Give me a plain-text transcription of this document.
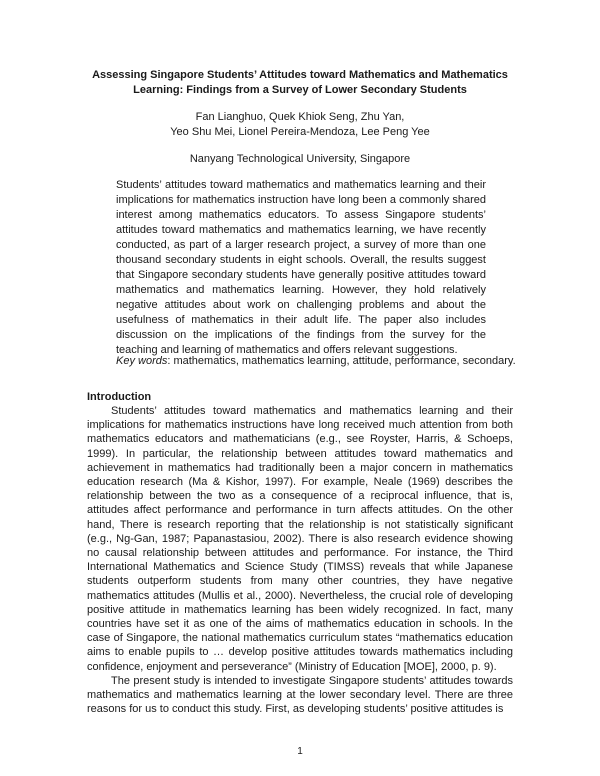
Assessing Singapore Students’ Attitudes toward Mathematics and Mathematics
Learning: Findings from a Survey of Lower Secondary Students
Fan Lianghuo, Quek Khiok Seng, Zhu Yan,
Yeo Shu Mei, Lionel Pereira-Mendoza, Lee Peng Yee
Nanyang Technological University, Singapore
Students’ attitudes toward mathematics and mathematics learning and their implications for mathematics instruction have long been a commonly shared interest among mathematics educators. To assess Singapore students’ attitudes toward mathematics and mathematics learning, we have recently conducted, as part of a larger research project, a survey of more than one thousand secondary students in eight schools. Overall, the results suggest that Singapore secondary students have generally positive attitudes toward mathematics and mathematics learning. However, they hold relatively negative attitudes about work on challenging problems and about the usefulness of mathematics in their adult life. The paper also includes discussion on the implications of the findings from the survey for the teaching and learning of mathematics and offers relevant suggestions.
Key words: mathematics, mathematics learning, attitude, performance, secondary.
Introduction

Students’ attitudes toward mathematics and mathematics learning and their implications for mathematics instructions have long received much attention from both mathematics educators and mathematicians (e.g., see Royster, Harris, & Schoeps, 1999). In particular, the relationship between attitudes toward mathematics and achievement in mathematics had traditionally been a major concern in mathematics education research (Ma & Kishor, 1997). For example, Neale (1969) describes the relationship between the two as a consequence of a reciprocal influence, that is, attitudes affect performance and performance in turn affects attitudes. On the other hand, There is research reporting that the relationship is not statistically significant (e.g., Ng-Gan, 1987; Papanastasiou, 2002). There is also research evidence showing no causal relationship between attitudes and performance. For instance, the Third International Mathematics and Science Study (TIMSS) reveals that while Japanese students outperform students from many other countries, they have negative mathematics attitudes (Mullis et al., 2000). Nevertheless, the crucial role of developing positive attitude in mathematics learning has been widely recognized. In fact, many countries have set it as one of the aims of mathematics education in schools. In the case of Singapore, the national mathematics curriculum states “mathematics education aims to enable pupils to … develop positive attitudes towards mathematics including confidence, enjoyment and perseverance” (Ministry of Education [MOE], 2000, p. 9).

The present study is intended to investigate Singapore students’ attitudes towards mathematics and mathematics learning at the lower secondary level. There are three reasons for us to conduct this study. First, as developing students’ positive attitudes is

1
